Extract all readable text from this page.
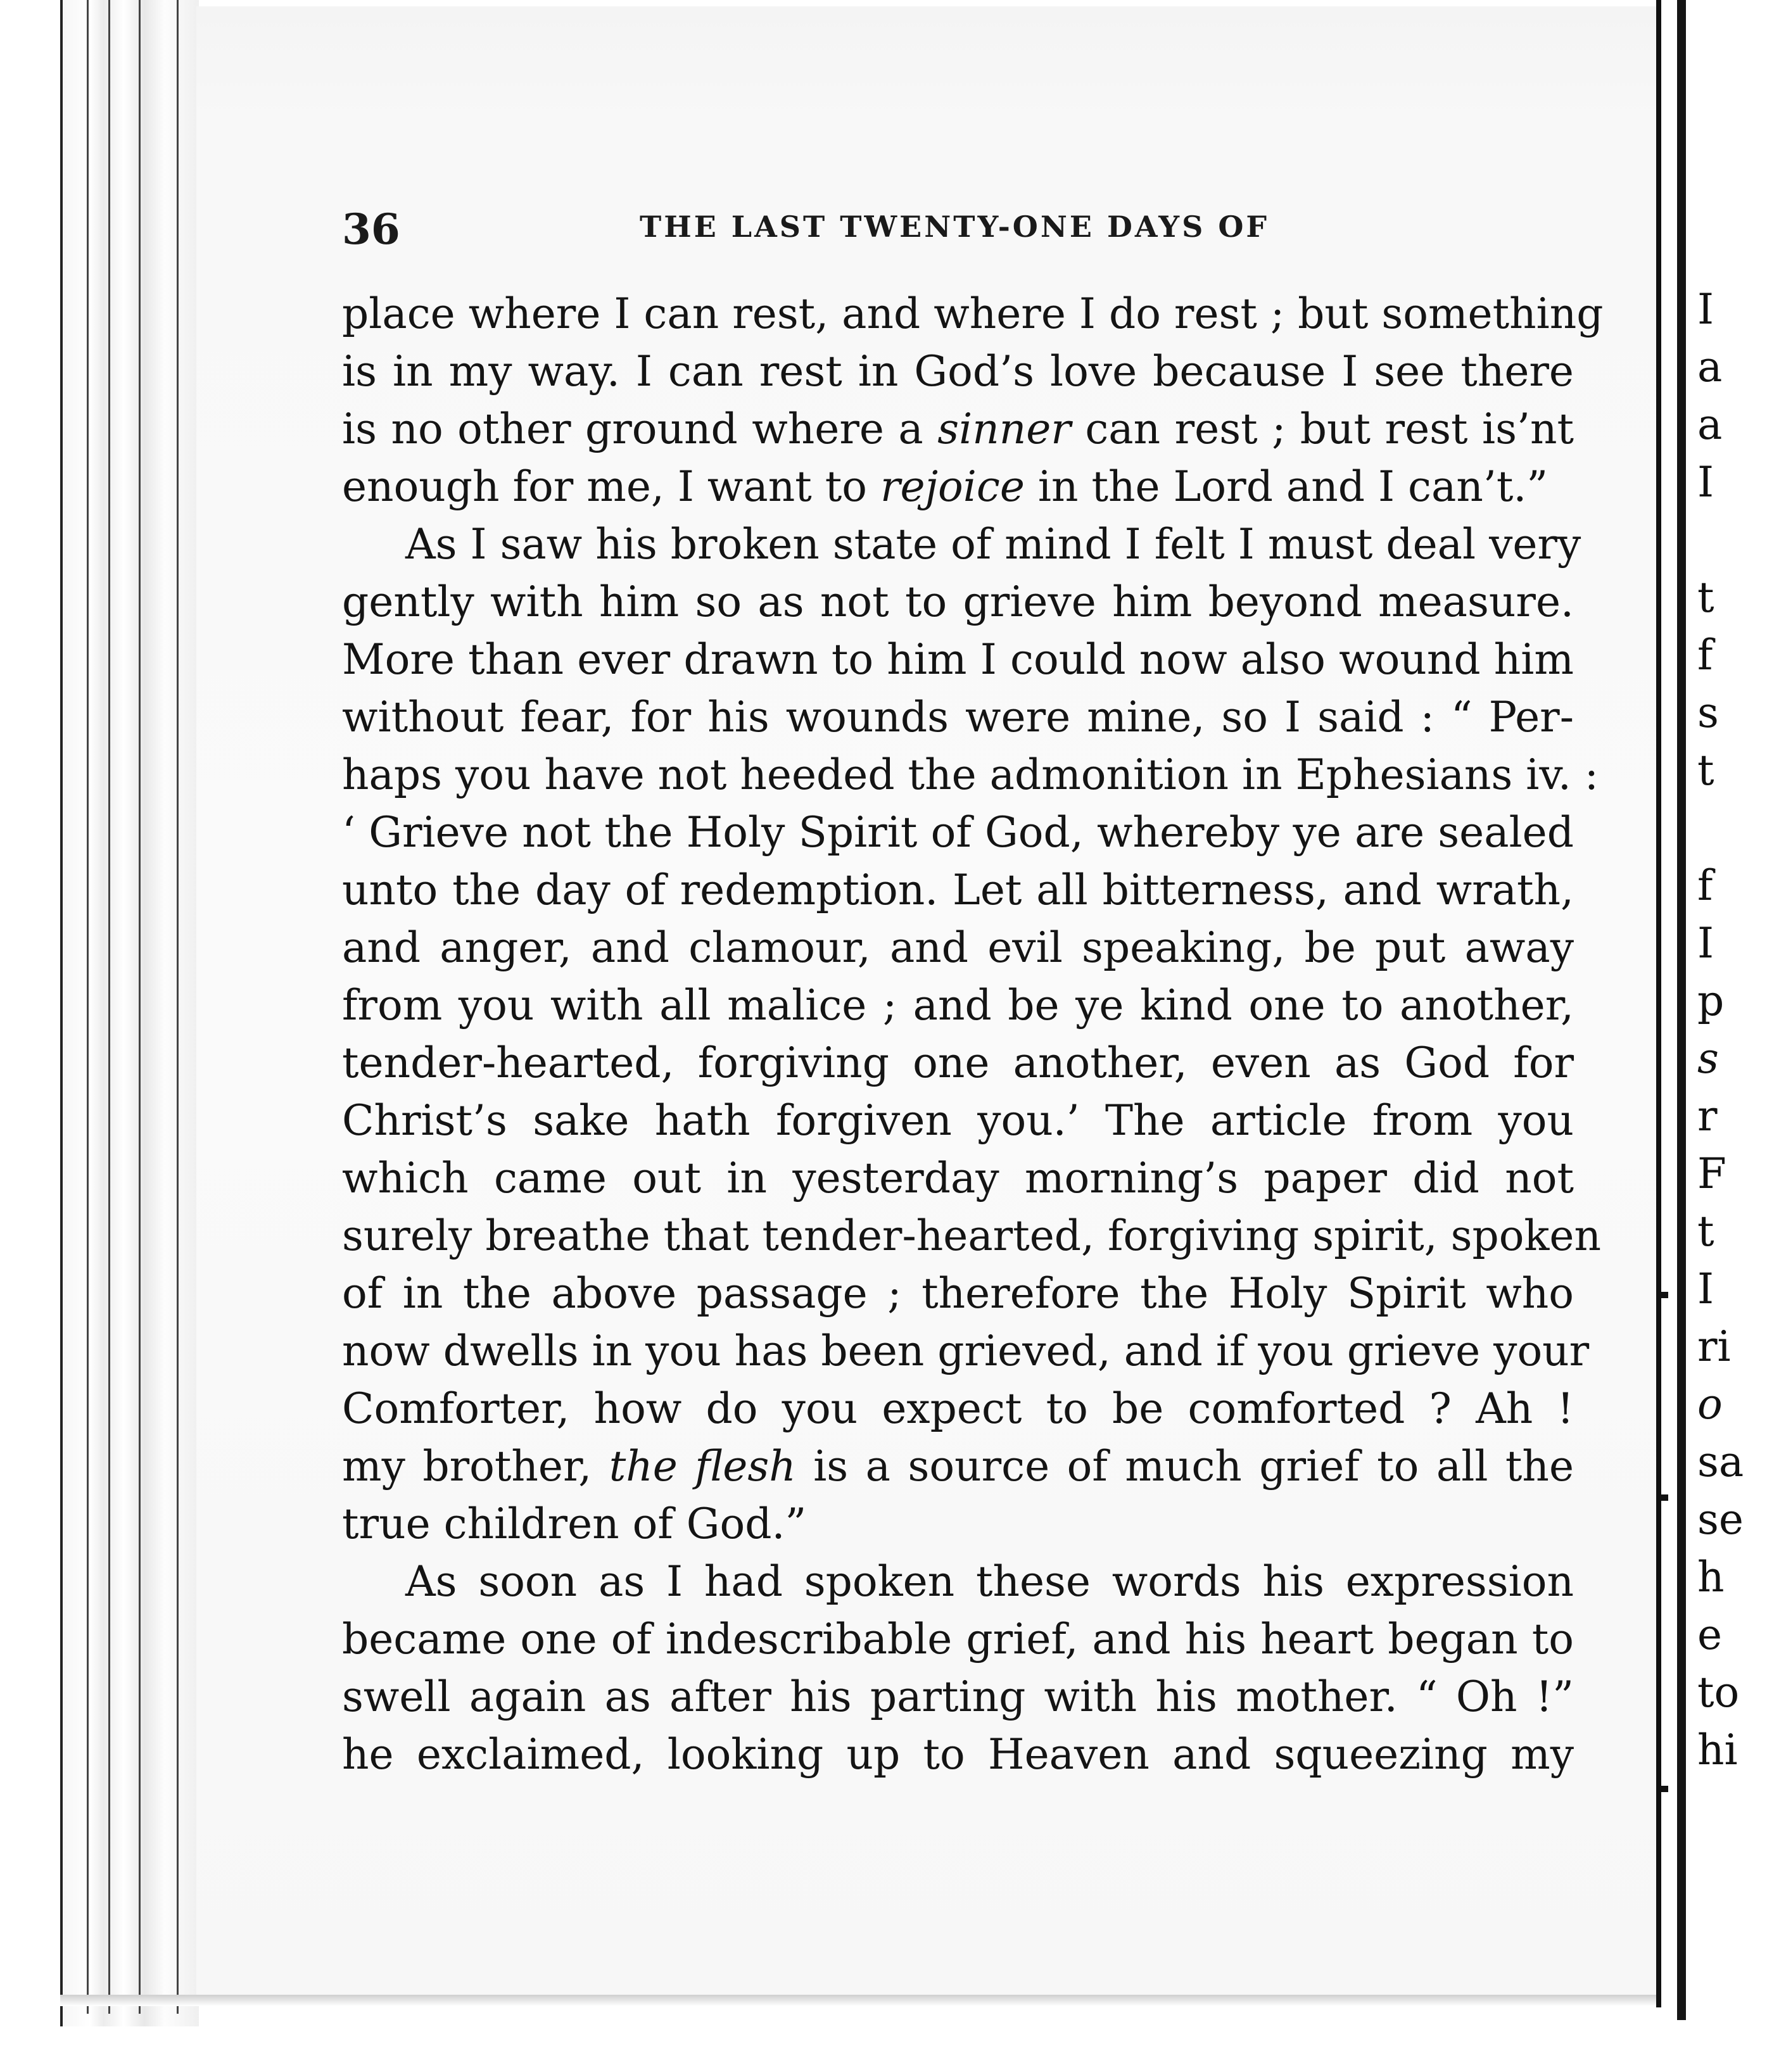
36	THE LAST TWENTY-ONE DAYS OF
place where I can rest, and where I do rest ; but something
is in my way. I can rest in God’s love because I see there
is no other ground where a sinner can rest ; but rest is’nt
enough for me, I want to rejoice in the Lord and I can’t.”
As I saw his broken state of mind I felt I must deal very
gently with him so as not to grieve him beyond measure.
More than ever drawn to him I could now also wound him
without fear, for his wounds were mine, so I said : “ Per-
haps you have not heeded the admonition in Ephesians iv. :
‘ Grieve not the Holy Spirit of God, whereby ye are sealed
unto the day of redemption. Let all bitterness, and wrath,
and anger, and clamour, and evil speaking, be put away
from you with all malice ; and be ye kind one to another,
tender-hearted, forgiving one another, even as God for
Christ’s sake hath forgiven you.’ The article from you
which came out in yesterday morning’s paper did not
surely breathe that tender-hearted, forgiving spirit, spoken
of in the above passage ; therefore the Holy Spirit who
now dwells in you has been grieved, and if you grieve your
Comforter, how do you expect to be comforted ? Ah !
my brother, the flesh is a source of much grief to all the
true children of God.”
As soon as I had spoken these words his expression
became one of indescribable grief, and his heart began to
swell again as after his parting with his mother. “ Oh !”
he exclaimed, looking up to Heaven and squeezing my
I
a
a
I
t
f
s
t
f
I
p
s
r
F
t
I
ri
o
sa
se
h
e
to
hi
